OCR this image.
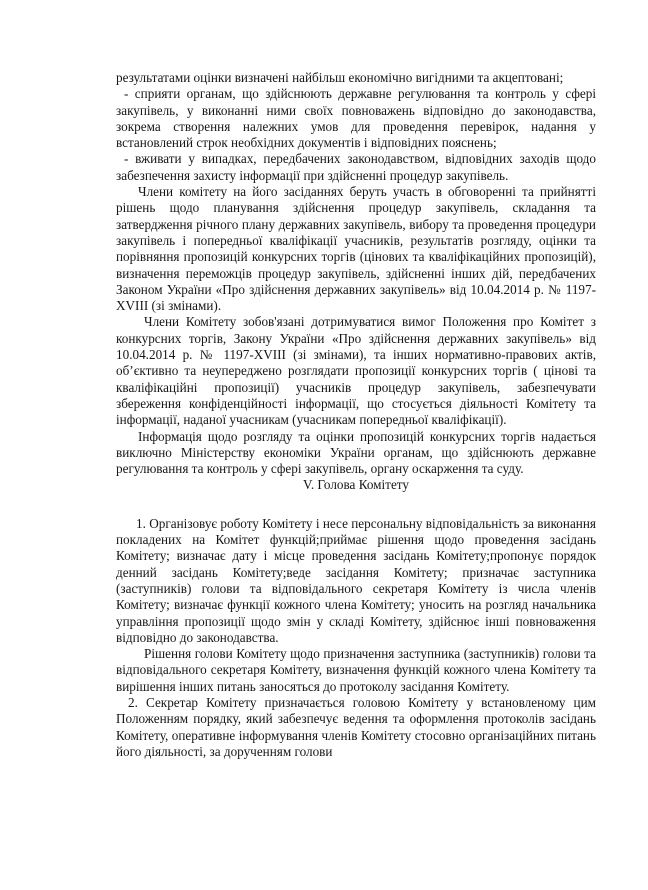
результатами оцінки визначені найбільш економічно вигідними та акцептовані;

- сприяти органам, що здійснюють державне регулювання та контроль у сфері закупівель, у виконанні ними своїх повноважень відповідно до законодавства, зокрема створення належних умов для проведення перевірок, надання у встановлений строк необхідних документів і відповідних пояснень;

- вживати у випадках, передбачених законодавством, відповідних заходів щодо забезпечення захисту інформації при здійсненні процедур закупівель.

Члени комітету на його засіданнях беруть участь в обговоренні та прийнятті рішень щодо планування здійснення процедур закупівель, складання та затвердження річного плану державних закупівель, вибору та проведення процедури закупівель і попередньої кваліфікації учасників, результатів розгляду, оцінки та порівняння пропозицій конкурсних торгів (цінових та кваліфікаційних пропозицій), визначення переможців процедур закупівель, здійсненні інших дій, передбачених Законом України «Про здійснення державних закупівель» від 10.04.2014 р. № 1197-XVIII (зі змінами).

Члени Комітету зобов'язані дотримуватися вимог Положення про Комітет з конкурсних торгів, Закону України «Про здійснення державних закупівель» від 10.04.2014 р. № 1197-XVIII (зі змінами), та інших нормативно-правових актів, об’єктивно та неупереджено розглядати пропозиції конкурсних торгів ( цінові та кваліфікаційні пропозиції) учасників процедур закупівель, забезпечувати збереження конфіденційності інформації, що стосується діяльності Комітету та інформації, наданої учасникам (учасникам попередньої кваліфікації).

Інформація щодо розгляду та оцінки пропозицій конкурсних торгів надається виключно Міністерству економіки України органам, що здійснюють державне регулювання та контроль у сфері закупівель, органу оскарження та суду.

V. Голова Комітету

1. Організовує роботу Комітету і несе персональну відповідальність за виконання покладених на Комітет функцій;приймає рішення щодо проведення засідань Комітету; визначає дату і місце проведення засідань Комітету;пропонує порядок денний засідань Комітету;веде засідання Комітету; призначає заступника (заступників) голови та відповідального секретаря Комітету із числа членів Комітету; визначає функції кожного члена Комітету; уносить на розгляд начальника управління пропозиції щодо змін у складі Комітету, здійснює інші повноваження відповідно до законодавства.

Рішення голови Комітету щодо призначення заступника (заступників) голови та відповідального секретаря Комітету, визначення функцій кожного члена Комітету та вирішення інших питань заносяться до протоколу засідання Комітету.

2. Секретар Комітету призначається головою Комітету у встановленому цим Положенням порядку, який забезпечує ведення та оформлення протоколів засідань Комітету, оперативне інформування членів Комітету стосовно організаційних питань його діяльності, за дорученням голови
